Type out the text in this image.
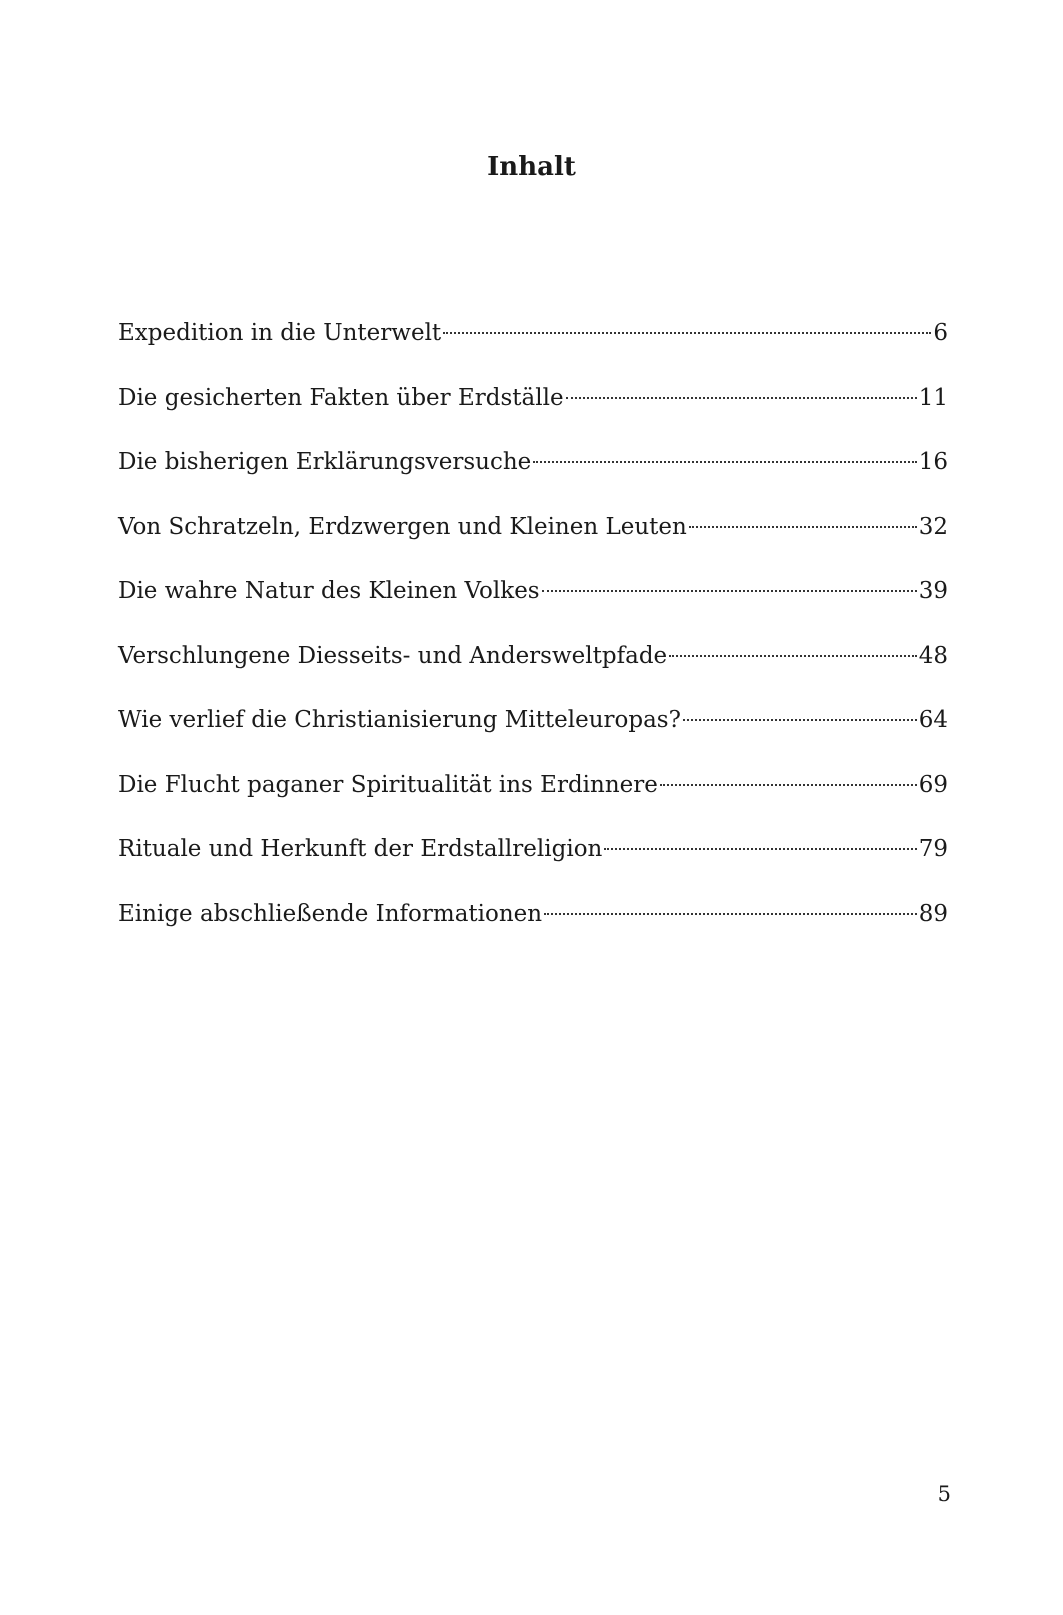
Inhalt
Expedition in die Unterwelt	6
Die gesicherten Fakten über Erdställe	11
Die bisherigen Erklärungsversuche	16
Von Schratzeln, Erdzwergen und Kleinen Leuten	32
Die wahre Natur des Kleinen Volkes	39
Verschlungene Diesseits- und Andersweltpfade	48
Wie verlief die Christianisierung Mitteleuropas?	64
Die Flucht paganer Spiritualität ins Erdinnere	69
Rituale und Herkunft der Erdstallreligion	79
Einige abschließende Informationen	89
5
